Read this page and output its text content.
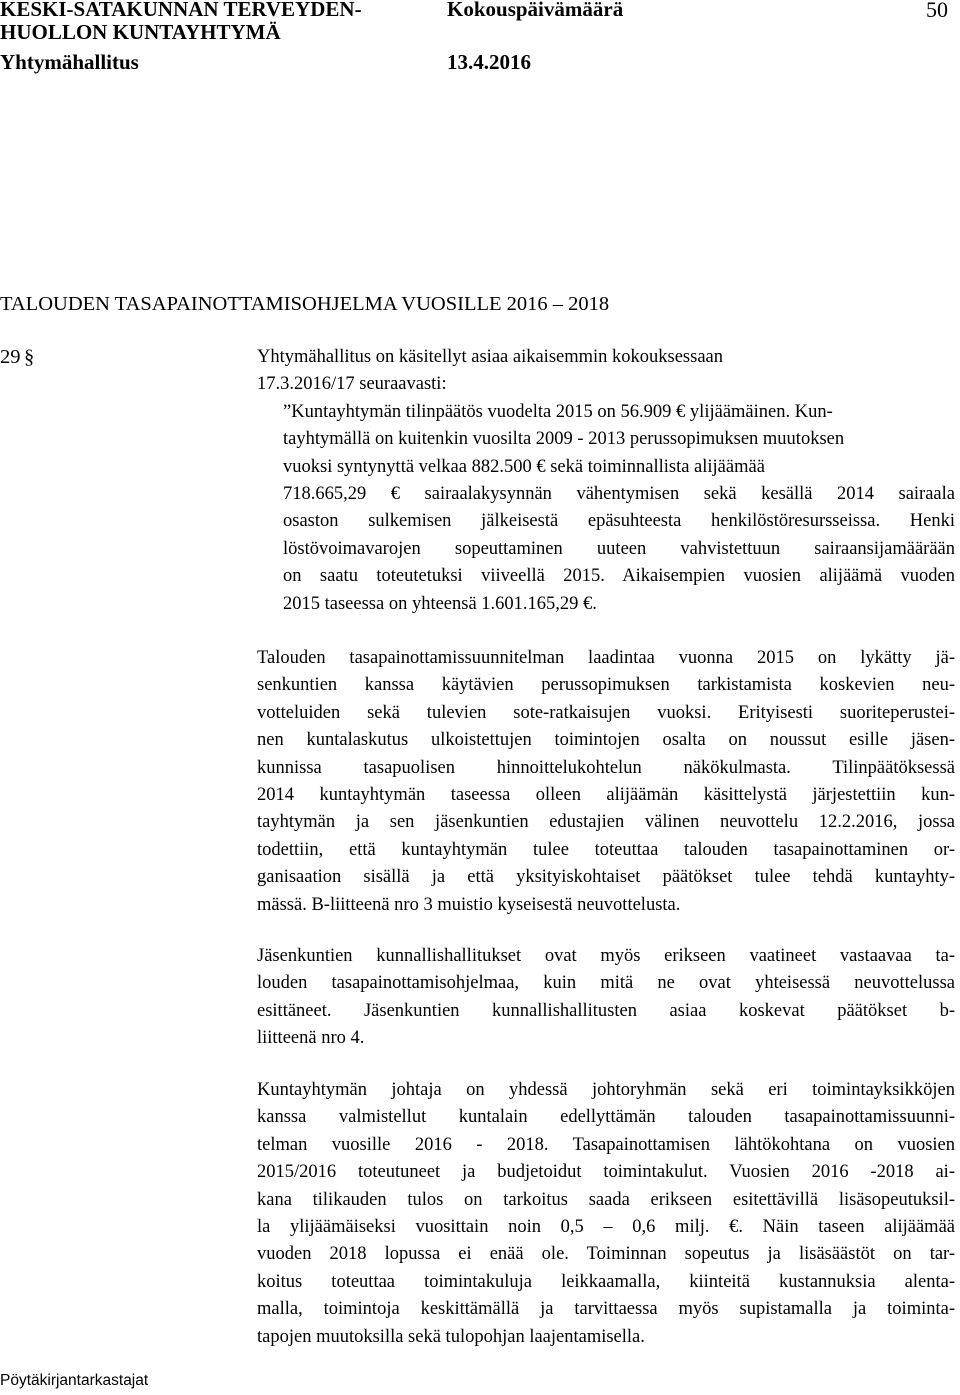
KESKI-SATAKUNNAN TERVEYDEN-
HUOLLON KUNTAYHTYMÄ
Yhtymähallitus
Kokouspäivämäärä
13.4.2016
50
TALOUDEN TASAPAINOTTAMISOHJELMA VUOSILLE 2016 – 2018
29 §	Yhtymähallitus on käsitellyt asiaa aikaisemmin kokouksessaan
17.3.2016/17 seuraavasti:
”Kuntayhtymän tilinpäätös vuodelta 2015 on 56.909 € ylijäämäinen. Kun-
tayhtymällä on kuitenkin vuosilta 2009 - 2013 perussopimuksen muutoksen
vuoksi syntynyttä velkaa 882.500 € sekä toiminnallista alijäämää
718.665,29 € sairaalakysynnän vähentymisen sekä kesällä 2014 sairaala
osaston sulkemisen jälkeisestä epäsuhteesta henkilöstöresursseissa. Henki
löstövoimavarojen sopeuttaminen uuteen vahvistettuun sairaansijamäärään
on saatu toteutetuksi viiveellä 2015. Aikaisempien vuosien alijäämä vuoden
2015 taseessa on yhteensä 1.601.165,29 €.
Talouden tasapainottamissuunnitelman laadintaa vuonna 2015 on lykätty jä-
senkuntien kanssa käytävien perussopimuksen tarkistamista koskevien neu-
votteluiden sekä tulevien sote-ratkaisujen vuoksi. Erityisesti suoriteperustei-
nen kuntalaskutus ulkoistettujen toimintojen osalta on noussut esille jäsen-
kunnissa tasapuolisen hinnoittelukohtelun näkökulmasta. Tilinpäätöksessä
2014 kuntayhtymän taseessa olleen alijäämän käsittelystä järjestettiin kun-
tayhtymän ja sen jäsenkuntien edustajien välinen neuvottelu 12.2.2016, jossa
todettiin, että kuntayhtymän tulee toteuttaa talouden tasapainottaminen or-
ganisaation sisällä ja että yksityiskohtaiset päätökset tulee tehdä kuntayhty-
mässä. B-liitteenä nro 3 muistio kyseisestä neuvottelusta.
Jäsenkuntien kunnallishallitukset ovat myös erikseen vaatineet vastaavaa ta-
louden tasapainottamisohjelmaa, kuin mitä ne ovat yhteisessä neuvottelussa
esittäneet. Jäsenkuntien kunnallishallitusten asiaa koskevat päätökset b-
liitteenä nro 4.
Kuntayhtymän johtaja on yhdessä johtoryhmän sekä eri toimintayksikköjen
kanssa valmistellut kuntalain edellyttämän talouden tasapainottamissuunni-
telman vuosille 2016 - 2018. Tasapainottamisen lähtökohtana on vuosien
2015/2016 toteutuneet ja budjetoidut toimintakulut. Vuosien 2016 -2018 ai-
kana tilikauden tulos on tarkoitus saada erikseen esitettävillä lisäsopeutuksil-
la ylijäämäiseksi vuosittain noin 0,5 – 0,6 milj. €. Näin taseen alijäämää
vuoden 2018 lopussa ei enää ole. Toiminnan sopeutus ja lisäsäästöt on tar-
koitus toteuttaa toimintakuluja leikkaamalla, kiinteitä kustannuksia alenta-
malla, toimintoja keskittämällä ja tarvittaessa myös supistamalla ja toiminta-
tapojen muutoksilla sekä tulopohjan laajentamisella.
Pöytäkirjantarkastajat
